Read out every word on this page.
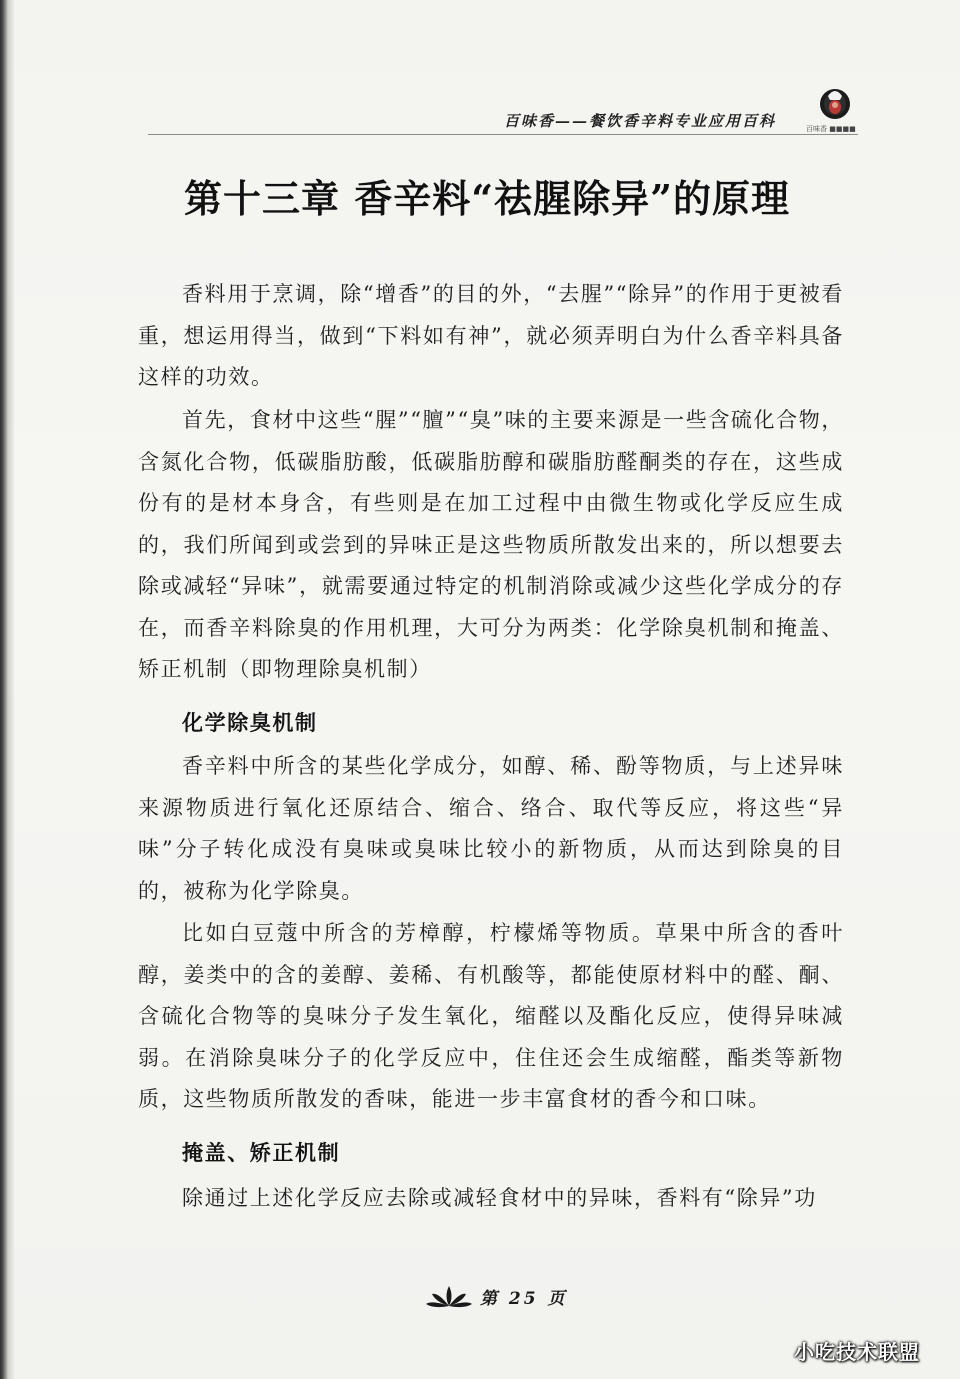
百味香——餐饮香辛料专业应用百科	百味香 ■■■■
第十三章 香辛料“祛腥除异”的原理

香料用于烹调，除“增香”的目的外，“去腥”“除异”的作用于更被看重，想运用得当，做到“下料如有神”，就必须弄明白为什么香辛料具备这样的功效。

首先，食材中这些“腥”“膻”“臭”味的主要来源是一些含硫化合物，含氮化合物，低碳脂肪酸，低碳脂肪醇和碳脂肪醛酮类的存在，这些成份有的是材本身含，有些则是在加工过程中由微生物或化学反应生成的，我们所闻到或尝到的异味正是这些物质所散发出来的，所以想要去除或减轻“异味”，就需要通过特定的机制消除或减少这些化学成分的存在，而香辛料除臭的作用机理，大可分为两类：化学除臭机制和掩盖、矫正机制（即物理除臭机制）

化学除臭机制

香辛料中所含的某些化学成分，如醇、稀、酚等物质，与上述异味来源物质进行氧化还原结合、缩合、络合、取代等反应，将这些“异味”分子转化成没有臭味或臭味比较小的新物质，从而达到除臭的目的，被称为化学除臭。

比如白豆蔻中所含的芳樟醇，柠檬烯等物质。草果中所含的香叶醇，姜类中的含的姜醇、姜稀、有机酸等，都能使原材料中的醛、酮、含硫化合物等的臭味分子发生氧化，缩醛以及酯化反应，使得异味减弱。在消除臭味分子的化学反应中，住住还会生成缩醛，酯类等新物质，这些物质所散发的香味，能进一步丰富食材的香今和口味。

掩盖、矫正机制

除通过上述化学反应去除或减轻食材中的异味，香料有“除异”功

第 25 页
小吃技术联盟
